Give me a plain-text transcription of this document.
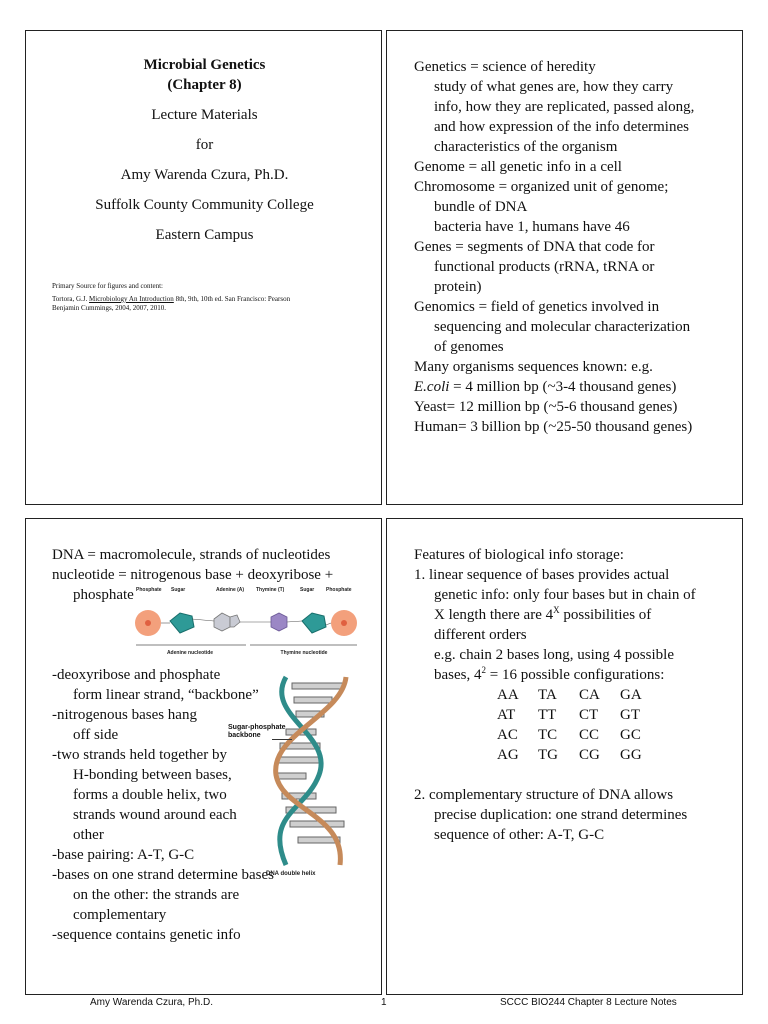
Microbial Genetics
(Chapter 8)
Lecture Materials
for
Amy Warenda Czura, Ph.D.
Suffolk County Community College
Eastern Campus
Primary Source for figures and content:
Tortora, G.J. Microbiology An Introduction 8th, 9th, 10th ed. San Francisco: Pearson
Benjamin Cummings, 2004, 2007, 2010.
Genetics = science of heredity
study of what genes are, how they carry
info, how they are replicated, passed along,
and how expression of the info determines
characteristics of the organism
Genome = all genetic info in a cell
Chromosome = organized unit of genome;
bundle of DNA
bacteria have 1, humans have 46
Genes = segments of DNA that code for
functional products (rRNA, tRNA or
protein)
Genomics = field of genetics involved in
sequencing and molecular characterization
of genomes
Many organisms sequences known: e.g.
E.coli = 4 million bp (~3-4 thousand genes)
Yeast= 12 million bp (~5-6 thousand genes)
Human= 3 billion bp (~25-50 thousand genes)
DNA = macromolecule, strands of nucleotides
nucleotide = nitrogenous base + deoxyribose +
phosphate Phosphate Sugar	Adenine (A) Thymine (T)	Sugar Phosphate
Adenine nucleotide	Thymine nucleotide
-deoxyribose and phosphate
form linear strand, “backbone”
-nitrogenous bases hang
off side
-two strands held together by
H-bonding between bases,
forms a double helix, two
strands wound around each
other
-base pairing: A-T, G-C
-bases on one strand determine bases
on the other: the strands are
complementary
-sequence contains genetic info
DNA double helix
Sugar-phosphate
backbone
Features of biological info storage:
1. linear sequence of bases provides actual
genetic info: only four bases but in chain of
X length there are $4^X$ possibilities of
different orders
e.g. chain 2 bases long, using 4 possible
bases, $4^2 = 16$ possible configurations:
AA	TA	CA	GA
AT	TT	CT	GT
AC	TC	CC	GC
AG	TG	CG	GG
2. complementary structure of DNA allows
precise duplication: one strand determines
sequence of other: A-T, G-C
Amy Warenda Czura, Ph.D.	1	SCCC BIO244 Chapter 8 Lecture Notes
